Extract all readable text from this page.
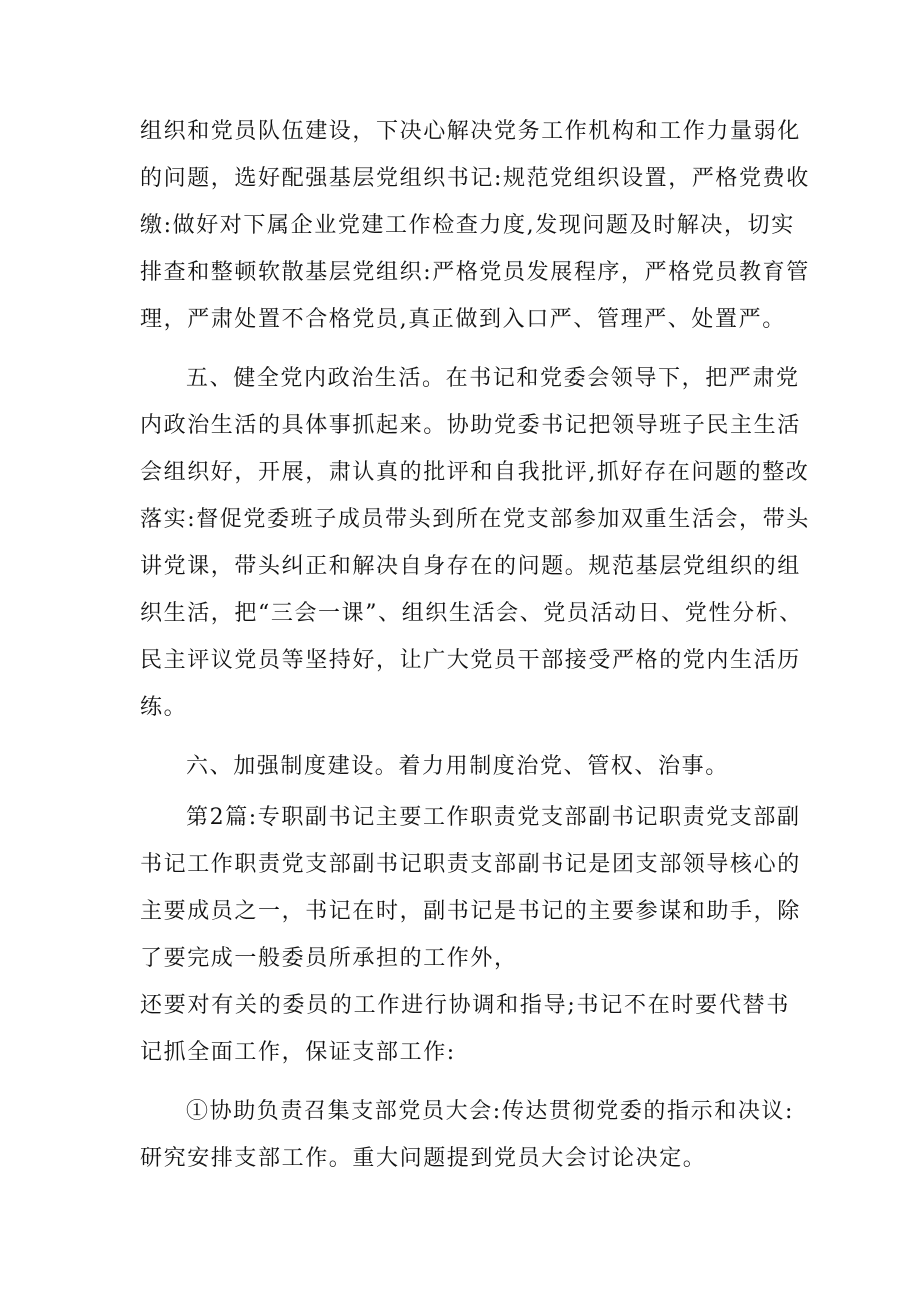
组织和党员队伍建设，下决心解决党务工作机构和工作力量弱化
的问题，选好配强基层党组织书记:规范党组织设置，严格党费收
缴:做好对下属企业党建工作检查力度,发现问题及时解决，切实
排查和整顿软散基层党组织:严格党员发展程序，严格党员教育管
理，严肃处置不合格党员,真正做到入口严、管理严、处置严。
五、健全党内政治生活。在书记和党委会领导下，把严肃党
内政治生活的具体事抓起来。协助党委书记把领导班子民主生活
会组织好，开展，肃认真的批评和自我批评,抓好存在问题的整改
落实:督促党委班子成员带头到所在党支部参加双重生活会，带头
讲党课，带头纠正和解决自身存在的问题。规范基层党组织的组
织生活，把“三会一课”、组织生活会、党员活动日、党性分析、
民主评议党员等坚持好，让广大党员干部接受严格的党内生活历
练。
六、加强制度建设。着力用制度治党、管权、治事。
第2篇:专职副书记主要工作职责党支部副书记职责党支部副
书记工作职责党支部副书记职责支部副书记是团支部领导核心的
主要成员之一，书记在时，副书记是书记的主要参谋和助手，除
了要完成一般委员所承担的工作外，
还要对有关的委员的工作进行协调和指导;书记不在时要代替书
记抓全面工作，保证支部工作:
①协助负责召集支部党员大会:传达贯彻党委的指示和决议:
研究安排支部工作。重大问题提到党员大会讨论决定。
